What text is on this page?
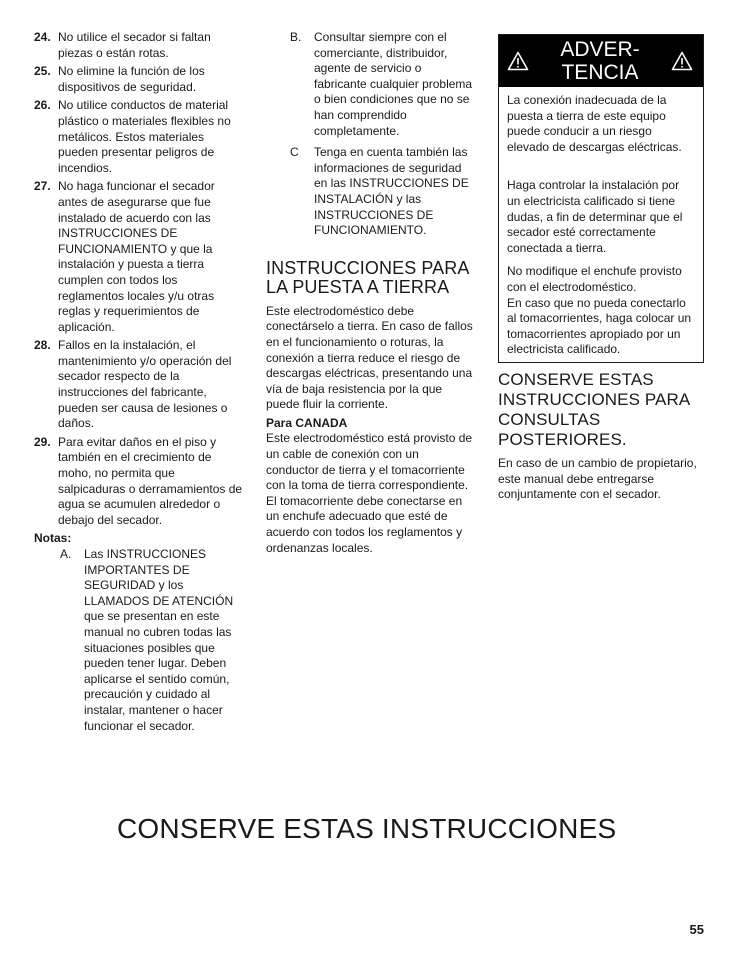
24. No utilice el secador si faltan piezas o están rotas.
25. No elimine la función de los dispositivos de seguridad.
26. No utilice conductos de material plástico o materiales flexibles no metálicos. Estos materiales pueden presentar peligros de incendios.
27. No haga funcionar el secador antes de asegurarse que fue instalado de acuerdo con las INSTRUCCIONES DE FUNCIONAMIENTO y que la instalación y puesta a tierra cumplen con todos los reglamentos locales y/u otras reglas y requerimientos de aplicación.
28. Fallos en la instalación, el mantenimiento y/o operación del secador respecto de la instrucciones del fabricante, pueden ser causa de lesiones o daños.
29. Para evitar daños en el piso y también en el crecimiento de moho, no permita que salpicaduras o derramamientos de agua se acumulen alrededor o debajo del secador.
Notas:
A.	Las INSTRUCCIONES IMPORTANTES DE SEGURIDAD y los LLAMADOS DE ATENCIÓN que se presentan en este manual no cubren todas las situaciones posibles que pueden tener lugar. Deben aplicarse el sentido común, precaución y cuidado al instalar, mantener o hacer funcionar el secador.
B.	Consultar siempre con el comerciante, distribuidor, agente de servicio o fabricante cualquier problema o bien condiciones que no se han comprendido completamente.
C	Tenga en cuenta también las informaciones de seguridad en las INSTRUCCIONES DE INSTALACIÓN y las INSTRUCCIONES DE FUNCIONAMIENTO.
INSTRUCCIONES PARA LA PUESTA A TIERRA

Este electrodoméstico debe conectárselo a tierra. En caso de fallos en el funcionamiento o roturas, la conexión a tierra reduce el riesgo de descargas eléctricas, presentando una vía de baja resistencia por la que puede fluir la corriente.

Para CANADA

Este electrodoméstico está provisto de un cable de conexión con un conductor de tierra y el tomacorriente con la toma de tierra correspondiente. El tomacorriente debe conectarse en un enchufe adecuado que esté de acuerdo con todos los reglamentos y ordenanzas locales.

ADVER-
TENCIA

La conexión inadecuada de la puesta a tierra de este equipo puede conducir a un riesgo elevado de descargas eléctricas.

Haga controlar la instalación por un electricista calificado si tiene dudas, a fin de determinar que el secador esté correctamente conectada a tierra.

No modifique el enchufe provisto con el electrodoméstico.

En caso que no pueda conectarlo al tomacorrientes, haga colocar un tomacorrientes apropiado por un electricista calificado.

CONSERVE ESTAS INSTRUCCIONES PARA CONSULTAS POSTERIORES.

En caso de un cambio de propietario, este manual debe entregarse conjuntamente con el secador.

CONSERVE ESTAS INSTRUCCIONES
55
